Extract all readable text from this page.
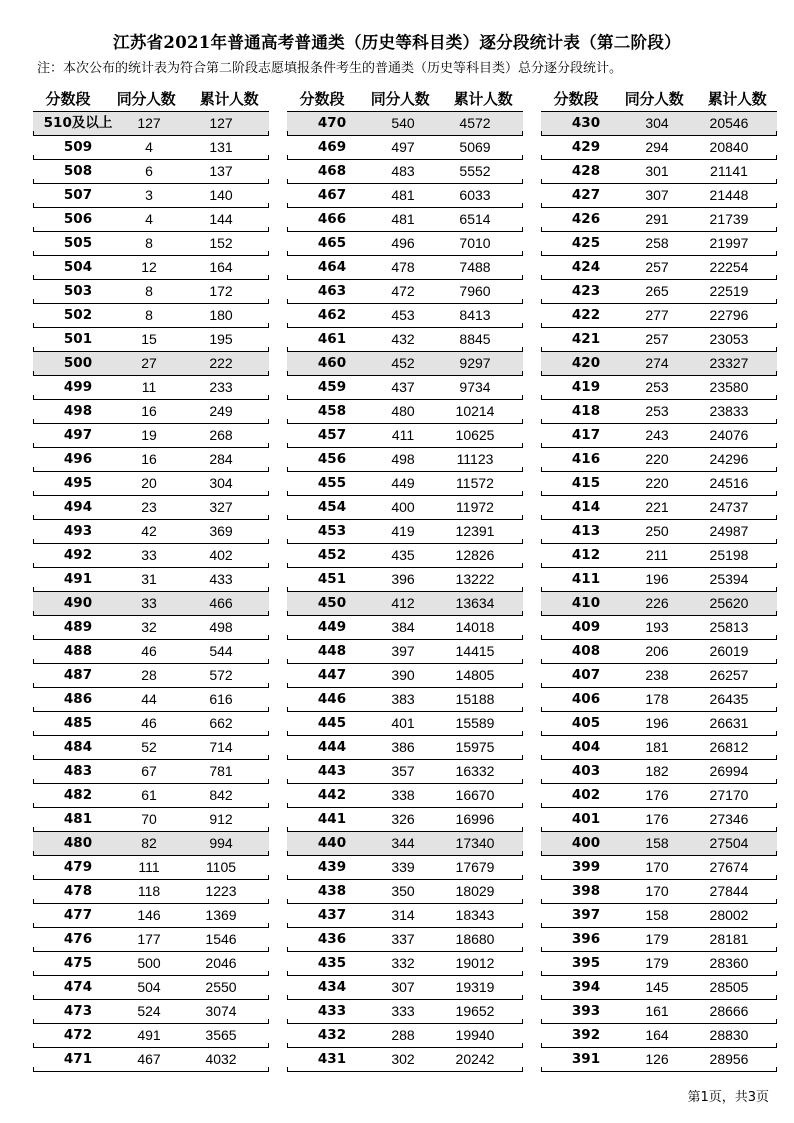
江苏省2021年普通高考普通类（历史等科目类）逐分段统计表（第二阶段）
注：本次公布的统计表为符合第二阶段志愿填报条件考生的普通类（历史等科目类）总分逐分段统计。
分数段	同分人数	累计人数
510及以上	127	127
509	4	131
508	6	137
507	3	140
506	4	144
505	8	152
504	12	164
503	8	172
502	8	180
501	15	195
500	27	222
499	11	233
498	16	249
497	19	268
496	16	284
495	20	304
494	23	327
493	42	369
492	33	402
491	31	433
490	33	466
489	32	498
488	46	544
487	28	572
486	44	616
485	46	662
484	52	714
483	67	781
482	61	842
481	70	912
480	82	994
479	111	1105
478	118	1223
477	146	1369
476	177	1546
475	500	2046
474	504	2550
473	524	3074
472	491	3565
471	467	4032
分数段	同分人数	累计人数
470	540	4572
469	497	5069
468	483	5552
467	481	6033
466	481	6514
465	496	7010
464	478	7488
463	472	7960
462	453	8413
461	432	8845
460	452	9297
459	437	9734
458	480	10214
457	411	10625
456	498	11123
455	449	11572
454	400	11972
453	419	12391
452	435	12826
451	396	13222
450	412	13634
449	384	14018
448	397	14415
447	390	14805
446	383	15188
445	401	15589
444	386	15975
443	357	16332
442	338	16670
441	326	16996
440	344	17340
439	339	17679
438	350	18029
437	314	18343
436	337	18680
435	332	19012
434	307	19319
433	333	19652
432	288	19940
431	302	20242
分数段	同分人数	累计人数
430	304	20546
429	294	20840
428	301	21141
427	307	21448
426	291	21739
425	258	21997
424	257	22254
423	265	22519
422	277	22796
421	257	23053
420	274	23327
419	253	23580
418	253	23833
417	243	24076
416	220	24296
415	220	24516
414	221	24737
413	250	24987
412	211	25198
411	196	25394
410	226	25620
409	193	25813
408	206	26019
407	238	26257
406	178	26435
405	196	26631
404	181	26812
403	182	26994
402	176	27170
401	176	27346
400	158	27504
399	170	27674
398	170	27844
397	158	28002
396	179	28181
395	179	28360
394	145	28505
393	161	28666
392	164	28830
391	126	28956
第1页，共3页
